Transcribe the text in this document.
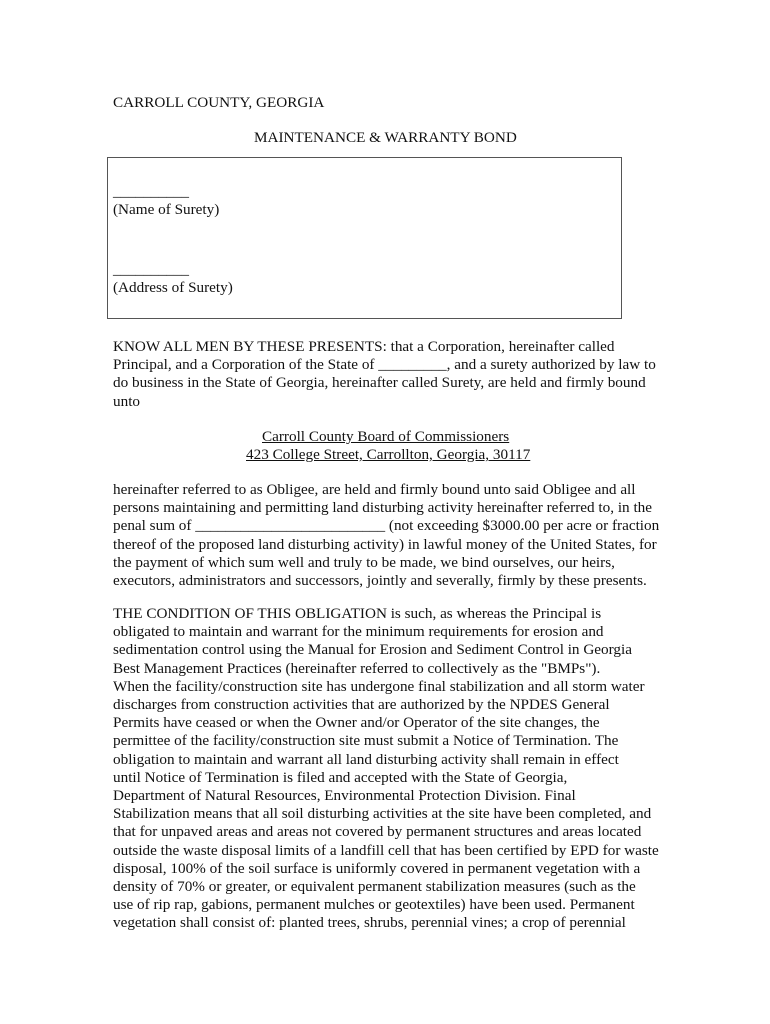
CARROLL COUNTY, GEORGIA
MAINTENANCE & WARRANTY BOND
__________
(Name of Surety)
__________
(Address of Surety)
KNOW ALL MEN BY THESE PRESENTS: that a Corporation, hereinafter called
Principal, and a Corporation of the State of _________, and a surety authorized by law to
do business in the State of Georgia, hereinafter called Surety, are held and firmly bound
unto
Carroll County Board of Commissioners
423 College Street, Carrollton, Georgia, 30117
hereinafter referred to as Obligee, are held and firmly bound unto said Obligee and all
persons maintaining and permitting land disturbing activity hereinafter referred to, in the
penal sum of _________________________ (not exceeding $3000.00 per acre or fraction
thereof of the proposed land disturbing activity) in lawful money of the United States, for
the payment of which sum well and truly to be made, we bind ourselves, our heirs,
executors, administrators and successors, jointly and severally, firmly by these presents.
THE CONDITION OF THIS OBLIGATION is such, as whereas the Principal is
obligated to maintain and warrant for the minimum requirements for erosion and
sedimentation control using the Manual for Erosion and Sediment Control in Georgia
Best Management Practices (hereinafter referred to collectively as the "BMPs").
When the facility/construction site has undergone final stabilization and all storm water
discharges from construction activities that are authorized by the NPDES General
Permits have ceased or when the Owner and/or Operator of the site changes, the
permittee of the facility/construction site must submit a Notice of Termination. The
obligation to maintain and warrant all land disturbing activity shall remain in effect
until Notice of Termination is filed and accepted with the State of Georgia,
Department of Natural Resources, Environmental Protection Division. Final
Stabilization means that all soil disturbing activities at the site have been completed, and
that for unpaved areas and areas not covered by permanent structures and areas located
outside the waste disposal limits of a landfill cell that has been certified by EPD for waste
disposal, 100% of the soil surface is uniformly covered in permanent vegetation with a
density of 70% or greater, or equivalent permanent stabilization measures (such as the
use of rip rap, gabions, permanent mulches or geotextiles) have been used. Permanent
vegetation shall consist of: planted trees, shrubs, perennial vines; a crop of perennial
